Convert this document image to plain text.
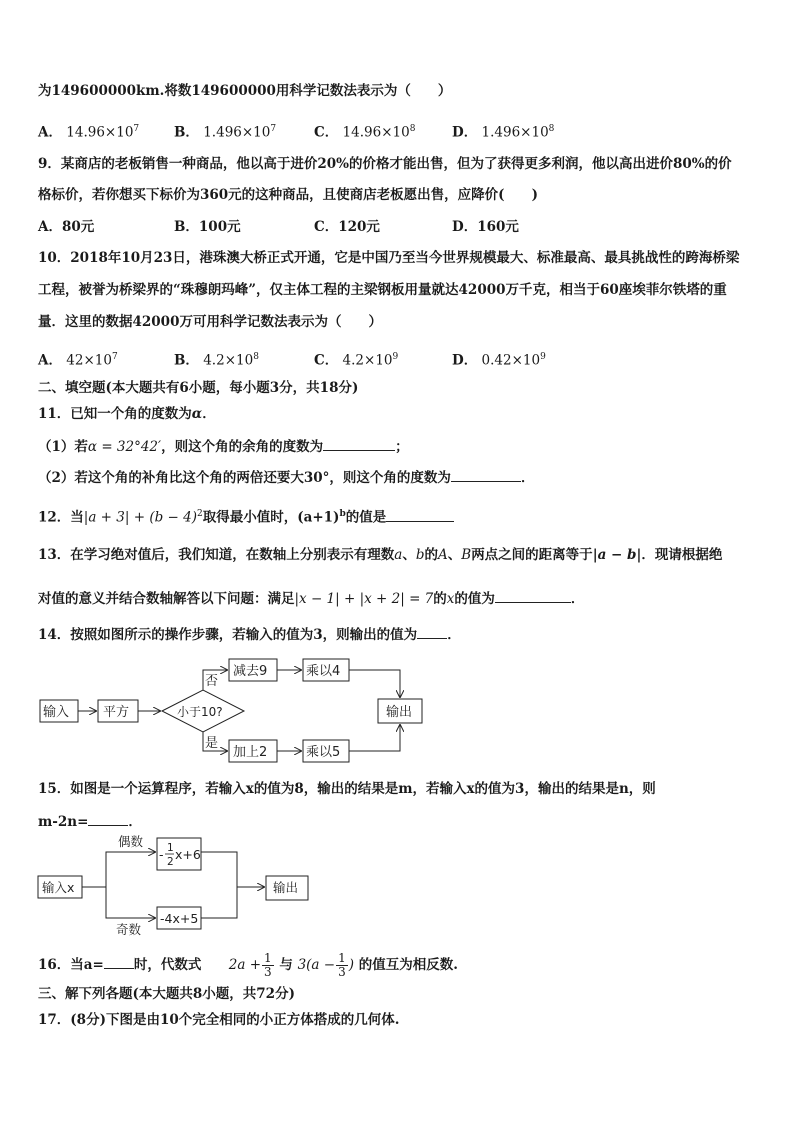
为149600000km.将数149600000用科学记数法表示为（　　）
A． $14.96\times 10^7$	B． $1.496\times 10^7$	C． $14.96\times 10^8$	D． $1.496\times 10^8$
9．某商店的老板销售一种商品，他以高于进价20%的价格才能出售，但为了获得更多利润，他以高出进价80%的价
格标价，若你想买下标价为360元的这种商品，且使商店老板愿出售，应降价(　　)
A．80元	B．100元	C．120元	D．160元
10．2018年10月23日，港珠澳大桥正式开通，它是中国乃至当今世界规模最大、标准最高、最具挑战性的跨海桥梁
工程，被誉为桥梁界的“珠穆朗玛峰”，仅主体工程的主梁钢板用量就达42000万千克，相当于60座埃菲尔铁塔的重
量．这里的数据42000万可用科学记数法表示为（　　）
A． $42\times 10^7$	B． $4.2\times 10^8$	C． $4.2\times 10^9$	D． $0.42\times 10^9$
二、填空题(本大题共有6小题，每小题3分，共18分)
11．已知一个角的度数为α．
（1）若α = 32°42′，则这个角的余角的度数为	；
（2）若这个角的补角比这个角的两倍还要大30°，则这个角的度数为	．
12．当$|a + 3| + (b - 4)^2$取得最小值时，$(a+1)^b$的值是
13．在学习绝对值后，我们知道，在数轴上分别表示有理数a、b的A、B两点之间的距离等于|a − b|．现请根据绝
对值的意义并结合数轴解答以下问题：满足|x − 1| + |x + 2| = 7的x的值为	．
14．按照如图所示的操作步骤，若输入的值为3，则输出的值为 ．
输入	平方	小于10?
否
是
减去9	乘以4
加上2	乘以5
输出
15．如图是一个运算程序，若输入x的值为8，输出的结果是m，若输入x的值为3，输出的结果是n，则
m-2n=	．
输入x
偶数
奇数
- 1
2 x+6
-4x+5
输出
16．当a= 时，代数式 $2a + \frac{1}{3}$ 与 $3(a - \frac{1}{3}$ ) 的值互为相反数.
三、解下列各题(本大题共8小题，共72分)
17．(8分)下图是由10个完全相同的小正方体搭成的几何体.
